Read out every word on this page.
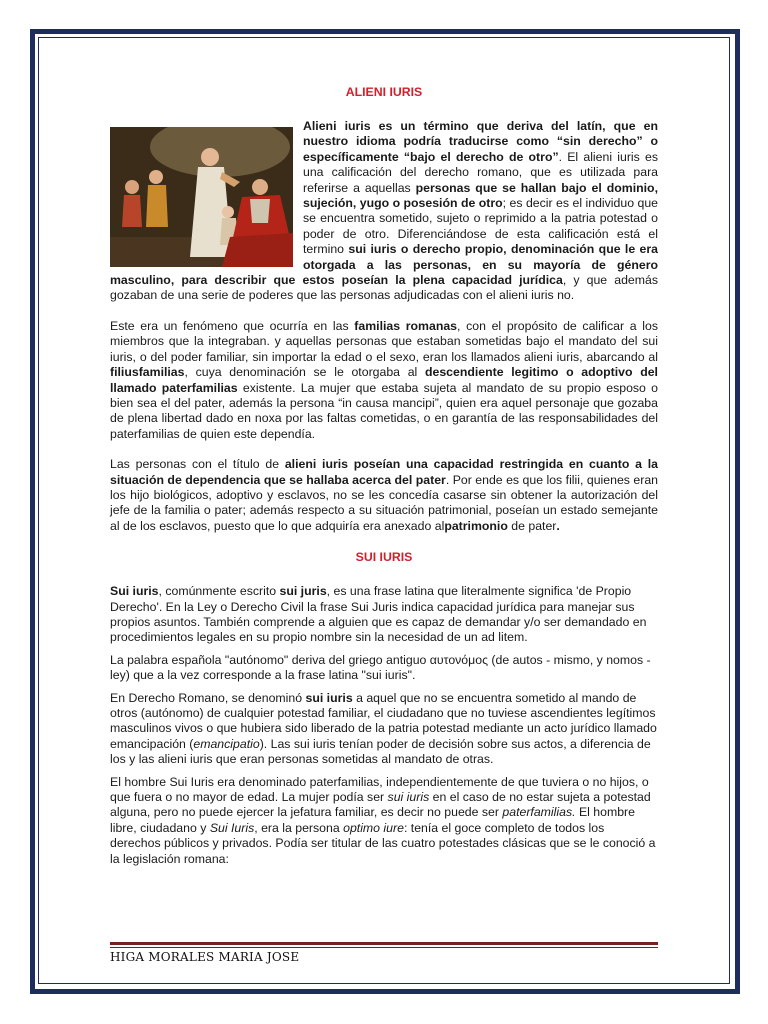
ALIENI IURIS

Alieni iuris es un término que deriva del latín, que en nuestro idioma podría traducirse como “sin derecho” o específicamente “bajo el derecho de otro”. El alieni iuris es una calificación del derecho romano, que es utilizada para referirse a aquellas personas que se hallan bajo el dominio, sujeción, yugo o posesión de otro; es decir es el individuo que se encuentra sometido, sujeto o reprimido a la patria potestad o poder de otro. Diferenciándose de esta calificación está el termino sui iuris o derecho propio, denominación que le era otorgada a las personas, en su mayoría de género masculino, para describir que estos poseían la plena capacidad jurídica, y que además gozaban de una serie de poderes que las personas adjudicadas con el alieni iuris no.

Este era un fenómeno que ocurría en las familias romanas, con el propósito de calificar a los miembros que la integraban. y aquellas personas que estaban sometidas bajo el mandato del sui iuris, o del poder familiar, sin importar la edad o el sexo, eran los llamados alieni iuris, abarcando al filiusfamilias, cuya denominación se le otorgaba al descendiente legitimo o adoptivo del llamado paterfamilias existente. La mujer que estaba sujeta al mandato de su propio esposo o bien sea el del pater, además la persona “in causa mancipi”, quien era aquel personaje que gozaba de plena libertad dado en noxa por las faltas cometidas, o en garantía de las responsabilidades del paterfamilias de quien este dependía.

Las personas con el título de alieni iuris poseían una capacidad restringida en cuanto a la situación de dependencia que se hallaba acerca del pater. Por ende es que los filii, quienes eran los hijo biológicos, adoptivo y esclavos, no se les concedía casarse sin obtener la autorización del jefe de la familia o pater; además respecto a su situación patrimonial, poseían un estado semejante al de los esclavos, puesto que lo que adquiría era anexado alpatrimonio de pater.

SUI IURIS

Sui iuris, comúnmente escrito sui juris, es una frase latina que literalmente significa 'de Propio Derecho'. En la Ley o Derecho Civil la frase Sui Juris indica capacidad jurídica para manejar sus propios asuntos. También comprende a alguien que es capaz de demandar y/o ser demandado en procedimientos legales en su propio nombre sin la necesidad de un ad litem.

La palabra española "autónomo" deriva del griego antiguo αυτονόμος (de autos - mismo, y nomos - ley) que a la vez corresponde a la frase latina "sui iuris".

En Derecho Romano, se denominó sui iuris a aquel que no se encuentra sometido al mando de otros (autónomo) de cualquier potestad familiar, el ciudadano que no tuviese ascendientes legítimos masculinos vivos o que hubiera sido liberado de la patria potestad mediante un acto jurídico llamado emancipación (emancipatio). Las sui iuris tenían poder de decisión sobre sus actos, a diferencia de los y las alieni iuris que eran personas sometidas al mandato de otras.

El hombre Sui Iuris era denominado paterfamilias, independientemente de que tuviera o no hijos, o que fuera o no mayor de edad. La mujer podía ser sui iuris en el caso de no estar sujeta a potestad alguna, pero no puede ejercer la jefatura familiar, es decir no puede ser paterfamilias. El hombre libre, ciudadano y Sui Iuris, era la persona optimo iure: tenía el goce completo de todos los derechos públicos y privados. Podía ser titular de las cuatro potestades clásicas que se le conoció a la legislación romana:

HIGA MORALES MARIA JOSE
